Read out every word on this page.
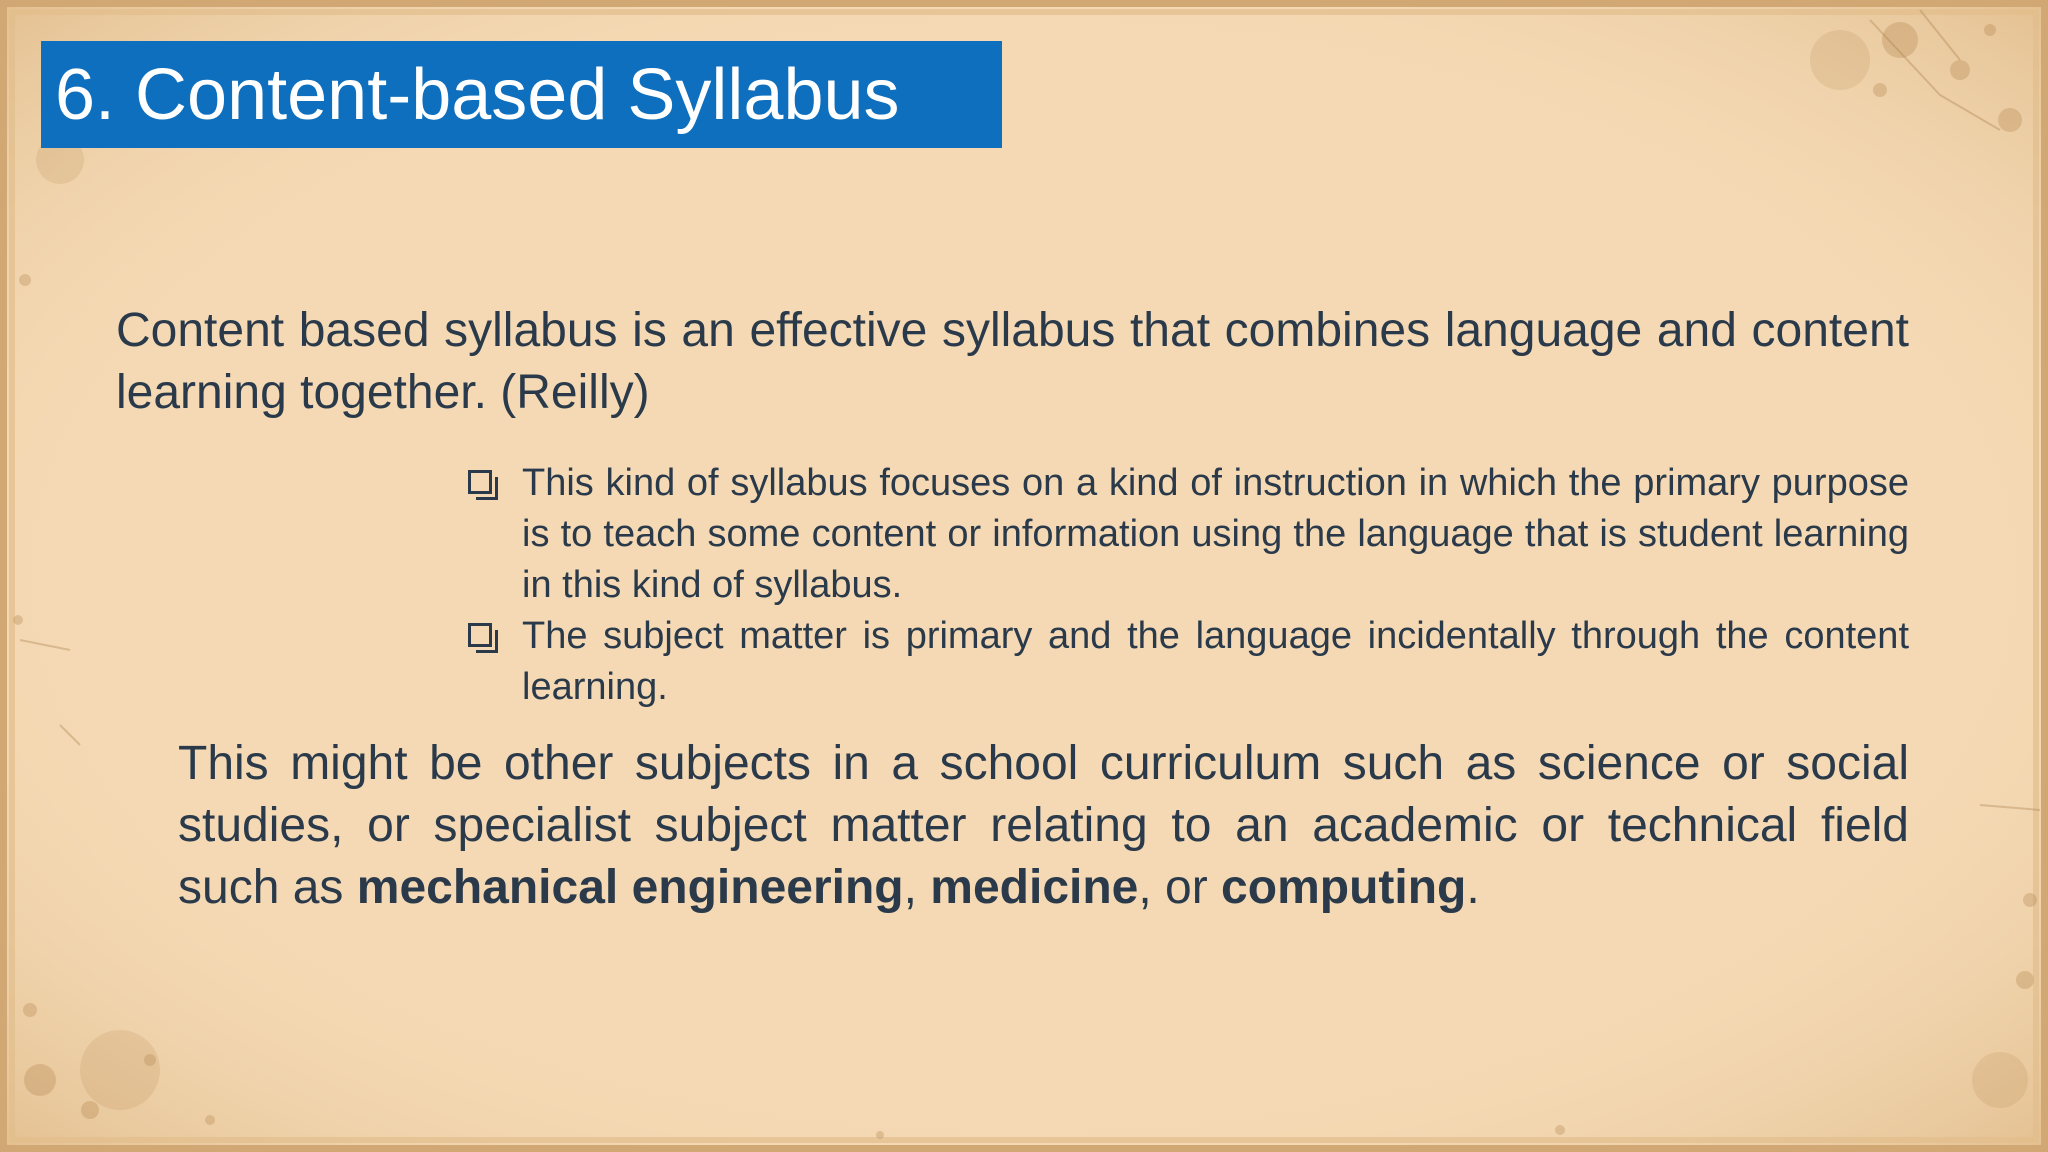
6. Content-based Syllabus
Content based syllabus is an effective syllabus that combines language and content learning together. (Reilly)
This kind of syllabus focuses on a kind of instruction in which the primary purpose is to teach some content or information using the language that is student learning in this kind of syllabus.
The subject matter is primary and the language incidentally through the content learning.
This might be other subjects in a school curriculum such as science or social studies, or specialist subject matter relating to an academic or technical field such as mechanical engineering, medicine, or computing.
